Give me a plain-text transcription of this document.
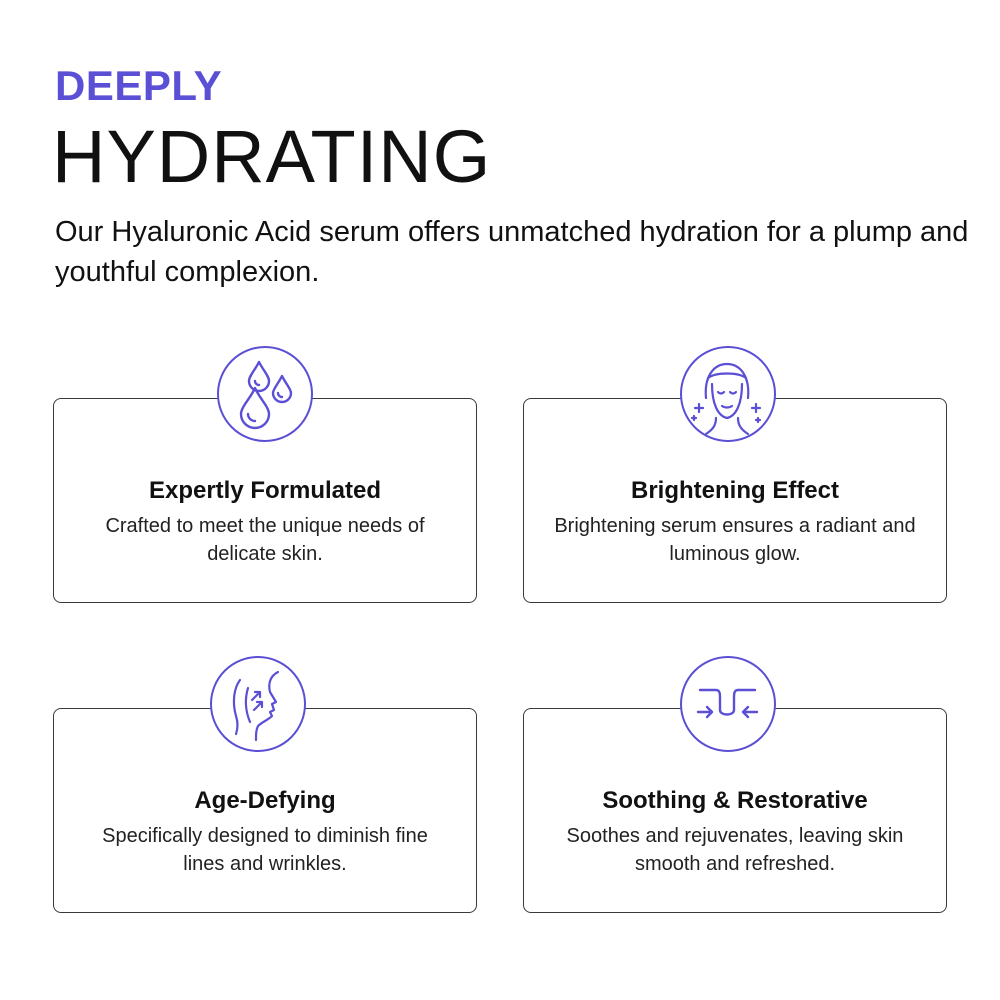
DEEPLY
HYDRATING
Our Hyaluronic Acid serum offers unmatched hydration for a plump and youthful complexion.
Expertly Formulated
Crafted to meet the unique needs of delicate skin.
Brightening Effect
Brightening serum ensures a radiant and luminous glow.
Age-Defying
Specifically designed to diminish fine lines and wrinkles.
Soothing & Restorative
Soothes and rejuvenates, leaving skin smooth and refreshed.
